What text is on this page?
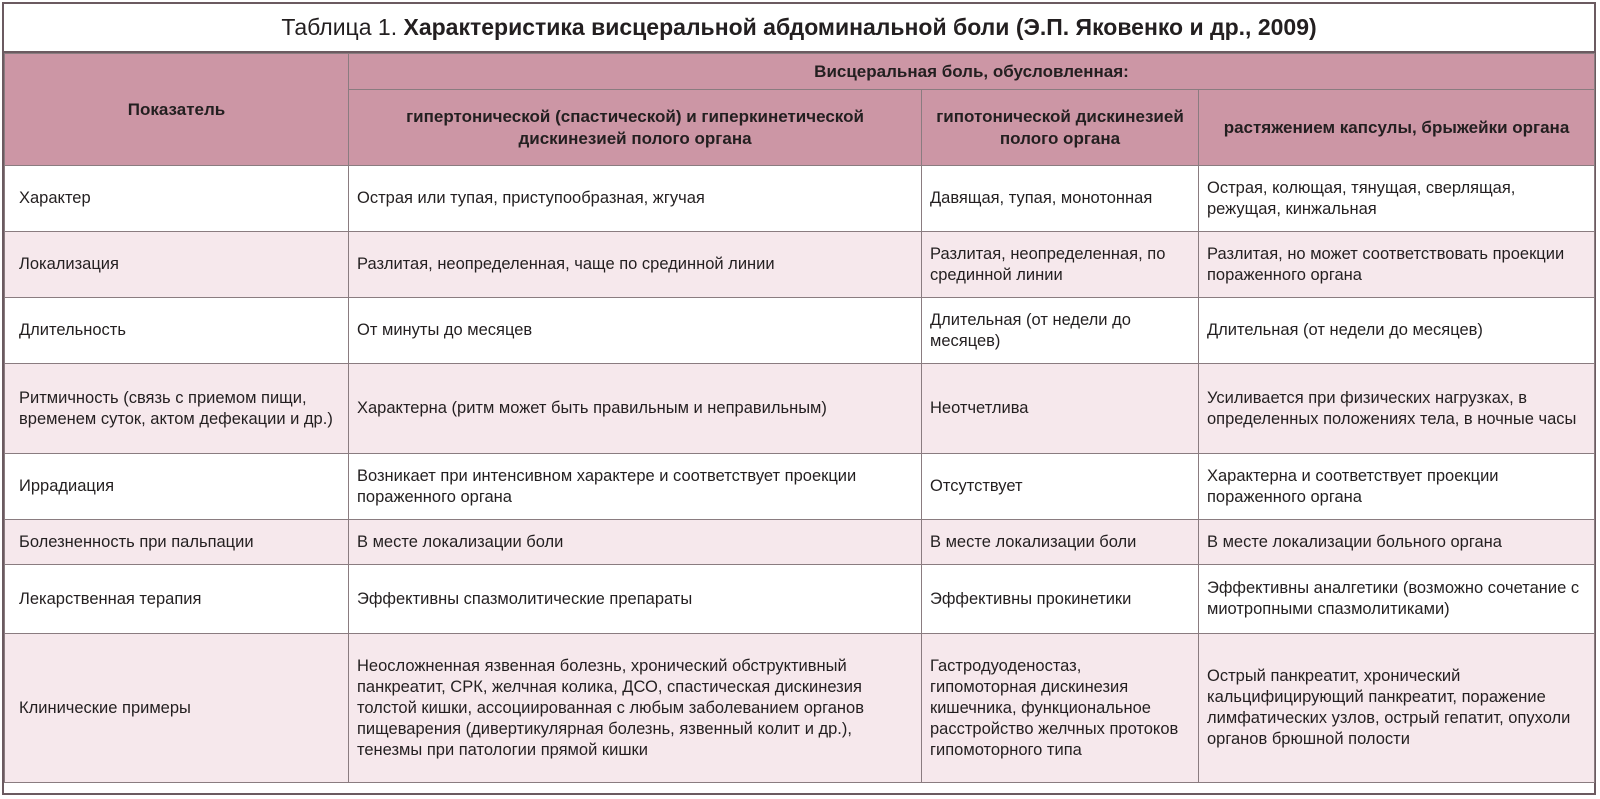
Таблица 1. Характеристика висцеральной абдоминальной боли (Э.П. Яковенко и др., 2009)
Показатель	Висцеральная боль, обусловленная:		
	гипертонической (спастической) и гиперкинетической дискинезией полого органа	гипотонической дискинезией полого органа	растяжением капсулы, брыжейки органа
Характер	Острая или тупая, приступообразная, жгучая	Давящая, тупая, монотонная	Острая, колющая, тянущая, сверлящая, режущая, кинжальная
Локализация	Разлитая, неопределенная, чаще по срединной линии	Разлитая, неопределенная, по срединной линии	Разлитая, но может соответствовать проекции пораженного органа
Длительность	От минуты до месяцев	Длительная (от недели до месяцев)	Длительная (от недели до месяцев)
Ритмичность (связь с приемом пищи, временем суток, актом дефекации и др.)	Характерна (ритм может быть правильным и неправильным)	Неотчетлива	Усиливается при физических нагрузках, в определенных положениях тела, в ночные часы
Иррадиация	Возникает при интенсивном характере и соответствует проекции пораженного органа	Отсутствует	Характерна и соответствует проекции пораженного органа
Болезненность при пальпации	В месте локализации боли	В месте локализации боли	В месте локализации больного органа
Лекарственная терапия	Эффективны спазмолитические препараты	Эффективны прокинетики	Эффективны аналгетики (возможно сочетание с миотропными спазмолитиками)
Клинические примеры	Неосложненная язвенная болезнь, хронический обструктивный панкреатит, СРК, желчная колика, ДСО, спастическая дискинезия толстой кишки, ассоциированная с любым заболеванием органов пищеварения (дивертикулярная болезнь, язвенный колит и др.), тенезмы при патологии прямой кишки	Гастродуоденостаз, гипомоторная дискинезия кишечника, функциональное расстройство желчных протоков гипомоторного типа	Острый панкреатит, хронический кальцифицирующий панкреатит, поражение лимфатических узлов, острый гепатит, опухоли органов брюшной полости
